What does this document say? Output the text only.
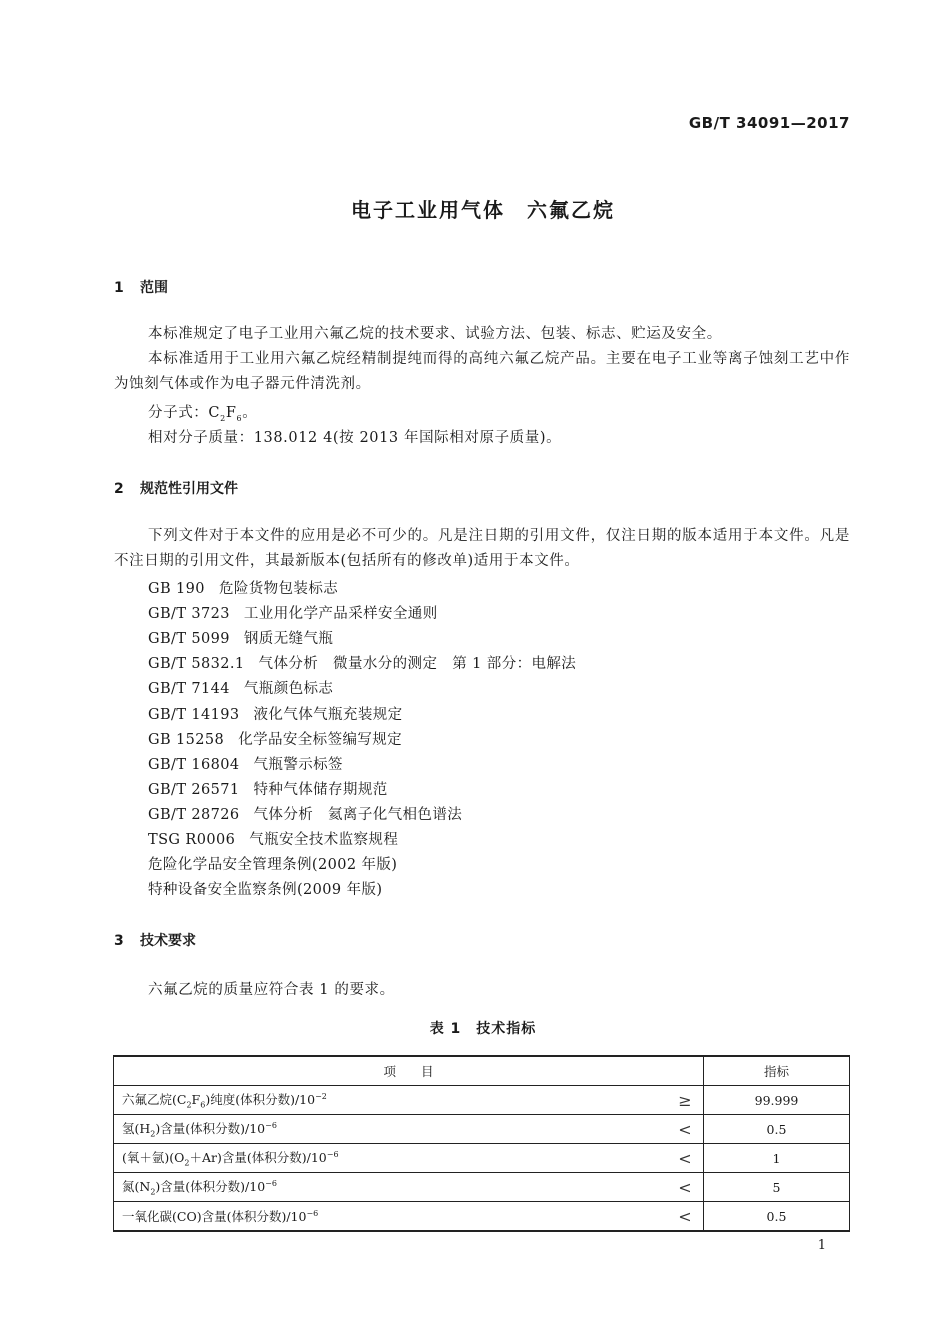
GB/T 34091—2017
电子工业用气体　六氟乙烷
1 范围
本标准规定了电子工业用六氟乙烷的技术要求、试验方法、包装、标志、贮运及安全。
本标准适用于工业用六氟乙烷经精制提纯而得的高纯六氟乙烷产品。主要在电子工业等离子蚀刻工艺中作为蚀刻气体或作为电子器元件清洗剂。
分子式：$C_2F_6$。
相对分子质量：138.012 4(按 2013 年国际相对原子质量)。
2 规范性引用文件
下列文件对于本文件的应用是必不可少的。凡是注日期的引用文件，仅注日期的版本适用于本文件。凡是不注日期的引用文件，其最新版本(包括所有的修改单)适用于本文件。
GB 190 危险货物包装标志
GB/T 3723 工业用化学产品采样安全通则
GB/T 5099 钢质无缝气瓶
GB/T 5832.1 气体分析　微量水分的测定　第 1 部分：电解法
GB/T 7144 气瓶颜色标志
GB/T 14193 液化气体气瓶充装规定
GB 15258 化学品安全标签编写规定
GB/T 16804 气瓶警示标签
GB/T 26571 特种气体储存期规范
GB/T 28726 气体分析　氦离子化气相色谱法
TSG R0006 气瓶安全技术监察规程
危险化学品安全管理条例(2002 年版)
特种设备安全监察条例(2009 年版)
3 技术要求
六氟乙烷的质量应符合表 1 的要求。
表 1　技术指标
项　　目		指标
六氟乙烷$(C_2F_6)$纯度(体积分数)$/10^{-2}$	≥	99.999
氢$(H_2)$含量(体积分数)$/10^{-6}$	<	0.5
(氧＋氩)$(O_2+Ar)$含量(体积分数)$/10^{-6}$	<	1
氮$(N_2)$含量(体积分数)$/10^{-6}$	<	5
一氧化碳(CO)含量(体积分数)$/10^{-6}$	<	0.5
1
